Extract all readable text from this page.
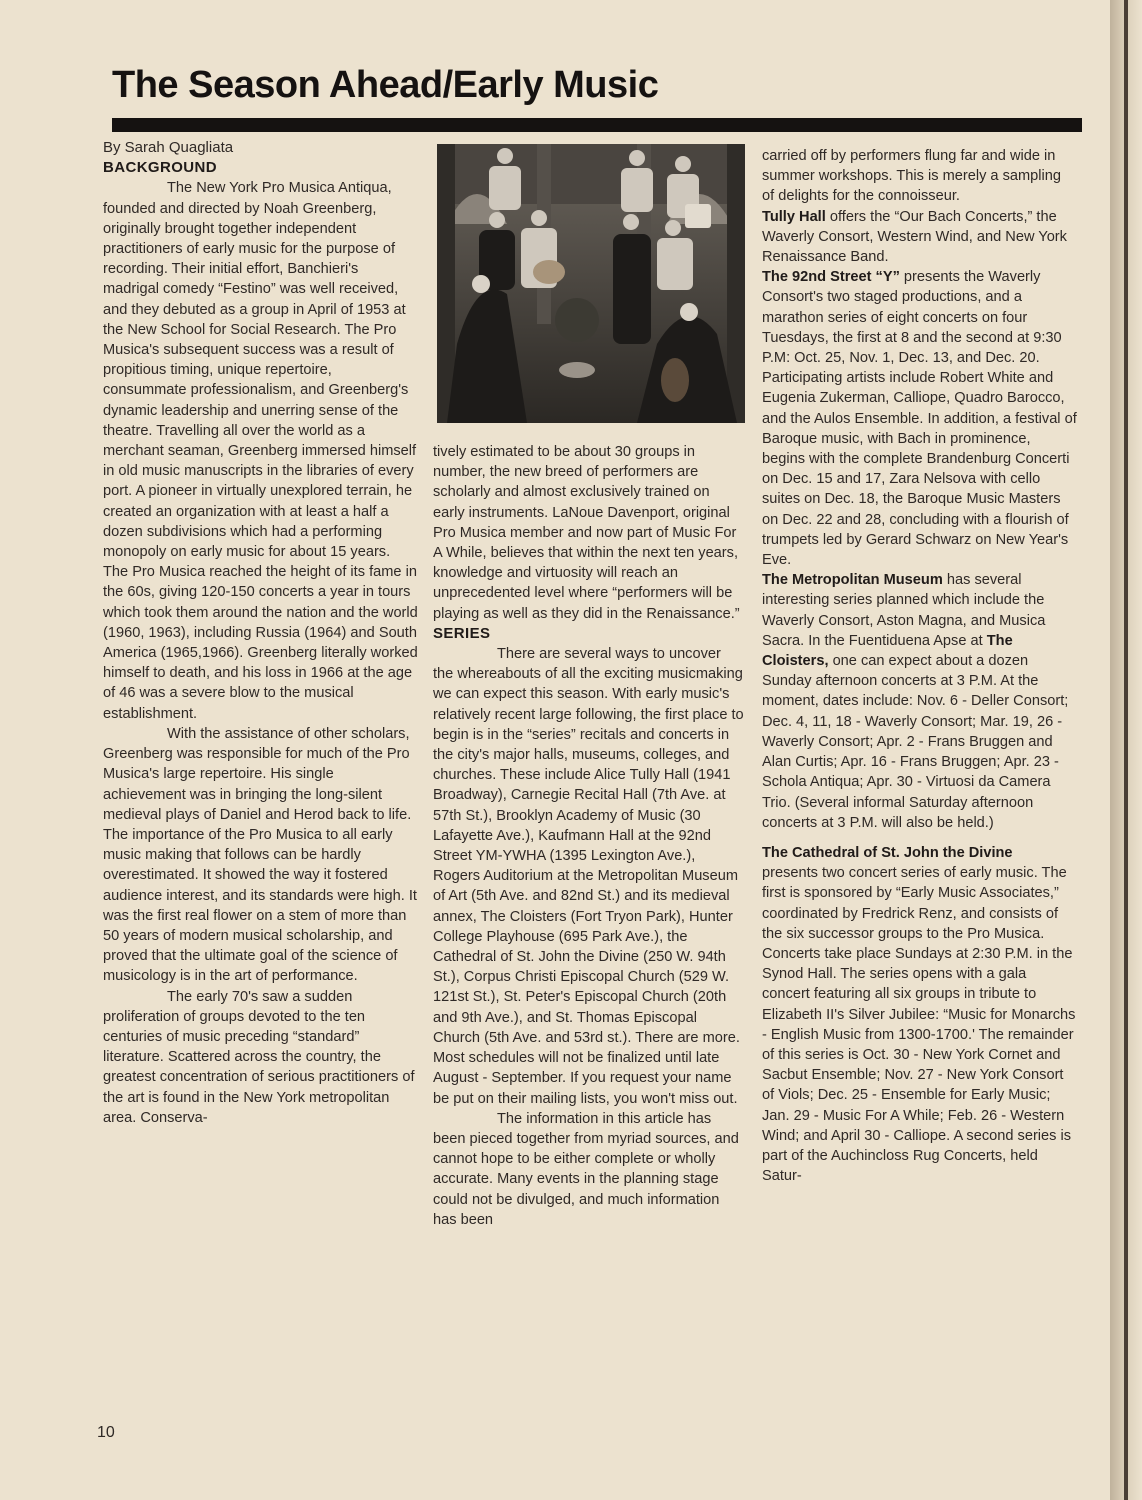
The Season Ahead/Early Music

By Sarah Quagliata

BACKGROUND

The New York Pro Musica Antiqua, founded and directed by Noah Greenberg, originally brought together independent practitioners of early music for the purpose of recording. Their initial effort, Banchieri's madrigal comedy “Festino” was well received, and they debuted as a group in April of 1953 at the New School for Social Research. The Pro Musica's subsequent success was a result of propitious timing, unique repertoire, consummate professionalism, and Greenberg's dynamic leadership and unerring sense of the theatre. Travelling all over the world as a merchant seaman, Greenberg immersed himself in old music manuscripts in the libraries of every port. A pioneer in virtually unexplored terrain, he created an organization with at least a half a dozen subdivisions which had a performing monopoly on early music for about 15 years. The Pro Musica reached the height of its fame in the 60s, giving 120-150 concerts a year in tours which took them around the nation and the world (1960, 1963), including Russia (1964) and South America (1965,1966). Greenberg literally worked himself to death, and his loss in 1966 at the age of 46 was a severe blow to the musical establishment.

With the assistance of other scholars, Greenberg was responsible for much of the Pro Musica's large repertoire. His single achievement was in bringing the long-silent medieval plays of Daniel and Herod back to life. The importance of the Pro Musica to all early music making that follows can be hardly overestimated. It showed the way it fostered audience interest, and its standards were high. It was the first real flower on a stem of more than 50 years of modern musical scholarship, and proved that the ultimate goal of the science of musicology is in the art of performance.

The early 70's saw a sudden proliferation of groups devoted to the ten centuries of music preceding “standard” literature. Scattered across the country, the greatest concentration of serious practitioners of the art is found in the New York metropolitan area. Conserva-

tively estimated to be about 30 groups in number, the new breed of performers are scholarly and almost exclusively trained on early instruments. LaNoue Davenport, original Pro Musica member and now part of Music For A While, believes that within the next ten years, knowledge and virtuosity will reach an unprecedented level where “performers will be playing as well as they did in the Renaissance.”

SERIES

There are several ways to uncover the whereabouts of all the exciting musicmaking we can expect this season. With early music's relatively recent large following, the first place to begin is in the “series” recitals and concerts in the city's major halls, museums, colleges, and churches. These include Alice Tully Hall (1941 Broadway), Carnegie Recital Hall (7th Ave. at 57th St.), Brooklyn Academy of Music (30 Lafayette Ave.), Kaufmann Hall at the 92nd Street YM-YWHA (1395 Lexington Ave.), Rogers Auditorium at the Metropolitan Museum of Art (5th Ave. and 82nd St.) and its medieval annex, The Cloisters (Fort Tryon Park), Hunter College Playhouse (695 Park Ave.), the Cathedral of St. John the Divine (250 W. 94th St.), Corpus Christi Episcopal Church (529 W. 121st St.), St. Peter's Episcopal Church (20th and 9th Ave.), and St. Thomas Episcopal Church (5th Ave. and 53rd st.). There are more. Most schedules will not be finalized until late August - September. If you request your name be put on their mailing lists, you won't miss out.

The information in this article has been pieced together from myriad sources, and cannot hope to be either complete or wholly accurate. Many events in the planning stage could not be divulged, and much information has been

carried off by performers flung far and wide in summer workshops. This is merely a sampling of delights for the connoisseur.

Tully Hall offers the “Our Bach Concerts,” the Waverly Consort, Western Wind, and New York Renaissance Band.

The 92nd Street “Y” presents the Waverly Consort's two staged productions, and a marathon series of eight concerts on four Tuesdays, the first at 8 and the second at 9:30 P.M: Oct. 25, Nov. 1, Dec. 13, and Dec. 20. Participating artists include Robert White and Eugenia Zukerman, Calliope, Quadro Barocco, and the Aulos Ensemble. In addition, a festival of Baroque music, with Bach in prominence, begins with the complete Brandenburg Concerti on Dec. 15 and 17, Zara Nelsova with cello suites on Dec. 18, the Baroque Music Masters on Dec. 22 and 28, concluding with a flourish of trumpets led by Gerard Schwarz on New Year's Eve.

The Metropolitan Museum has several interesting series planned which include the Waverly Consort, Aston Magna, and Musica Sacra. In the Fuentiduena Apse at The Cloisters, one can expect about a dozen Sunday afternoon concerts at 3 P.M. At the moment, dates include: Nov. 6 - Deller Consort; Dec. 4, 11, 18 - Waverly Consort; Mar. 19, 26 - Waverly Consort; Apr. 2 - Frans Bruggen and Alan Curtis; Apr. 16 - Frans Bruggen; Apr. 23 - Schola Antiqua; Apr. 30 - Virtuosi da Camera Trio. (Several informal Saturday afternoon concerts at 3 P.M. will also be held.)

The Cathedral of St. John the Divine

presents two concert series of early music. The first is sponsored by “Early Music Associates,” coordinated by Fredrick Renz, and consists of the six successor groups to the Pro Musica. Concerts take place Sundays at 2:30 P.M. in the Synod Hall. The series opens with a gala concert featuring all six groups in tribute to Elizabeth II's Silver Jubilee: “Music for Monarchs - English Music from 1300-1700.' The remainder of this series is Oct. 30 - New York Cornet and Sacbut Ensemble; Nov. 27 - New York Consort of Viols; Dec. 25 - Ensemble for Early Music; Jan. 29 - Music For A While; Feb. 26 - Western Wind; and April 30 - Calliope. A second series is part of the Auchincloss Rug Concerts, held Satur-

10
